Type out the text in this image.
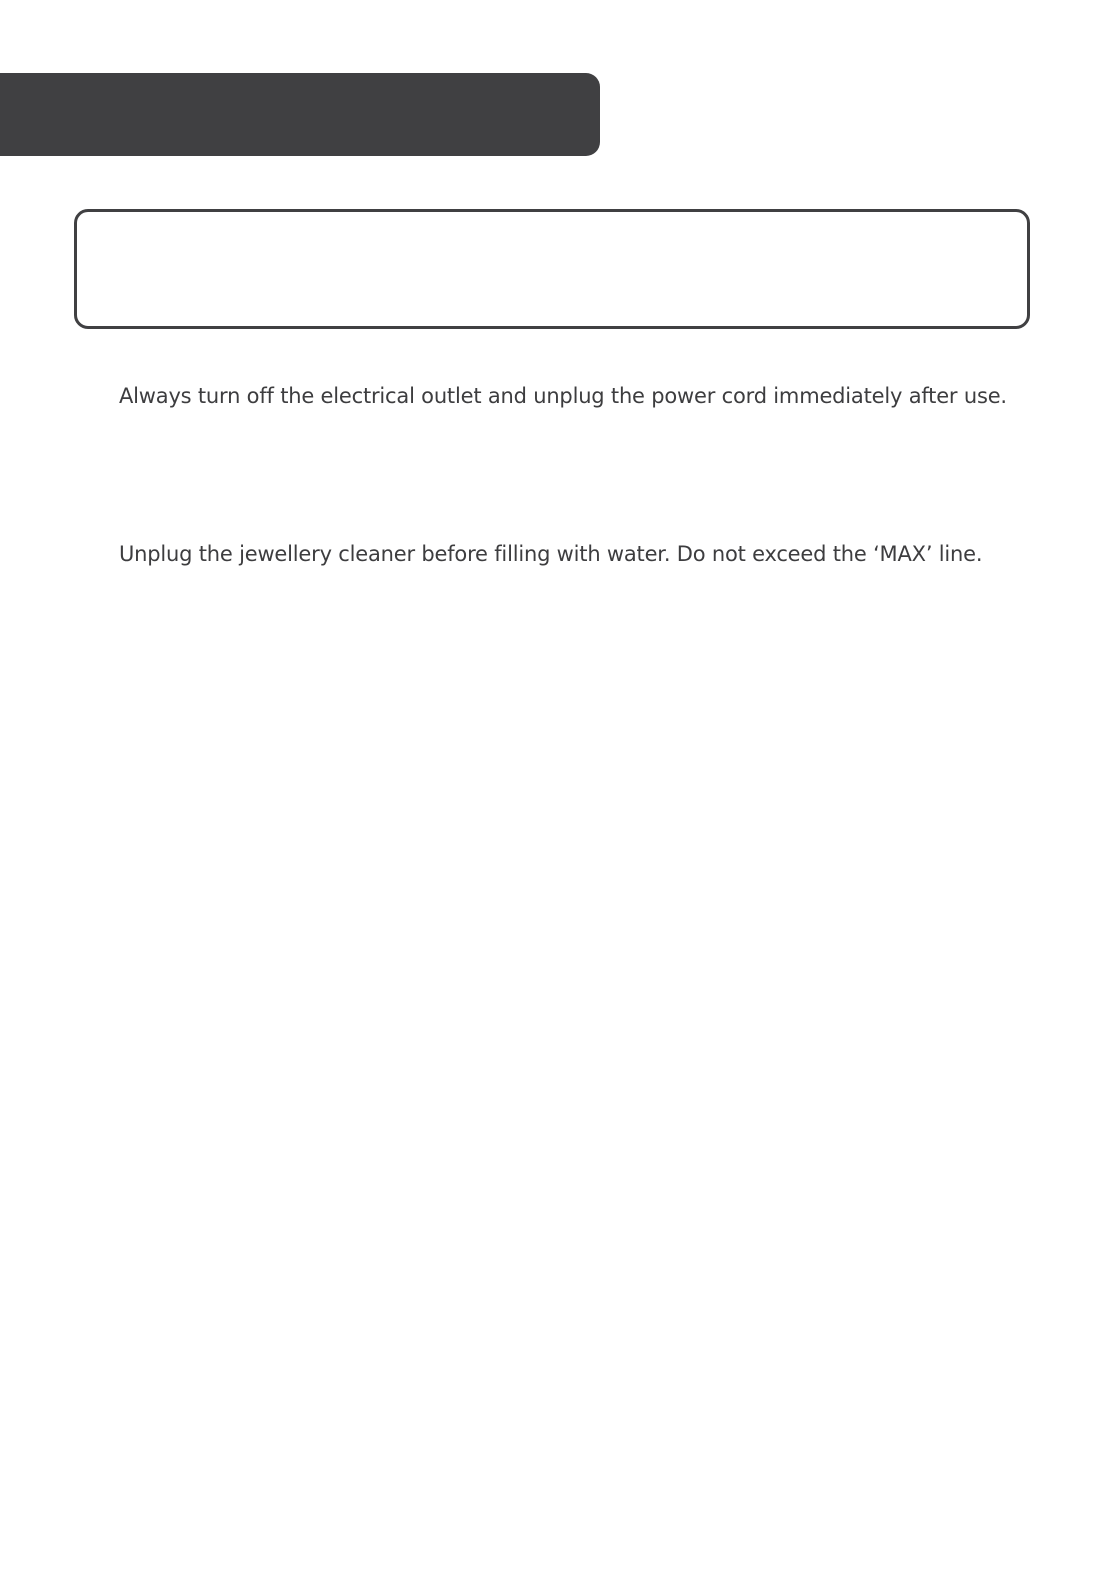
Always turn off the electrical outlet and unplug the power cord immediately after use.

Unplug the jewellery cleaner before filling with water. Do not exceed the ‘MAX’ line.
